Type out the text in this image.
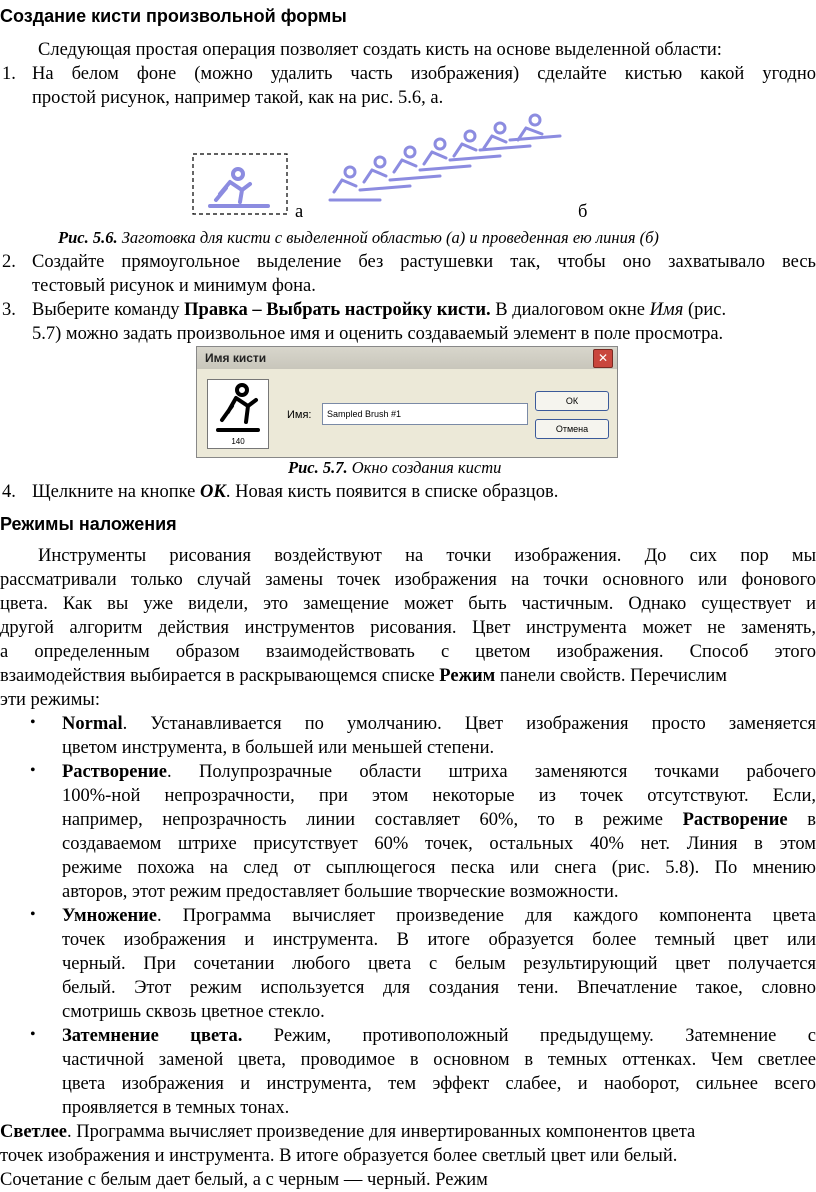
Создание кисти произвольной формы
Следующая простая операция позволяет создать кисть на основе выделенной области:
1. На белом фоне (можно удалить часть изображения) сделайте кистью какой угодно
простой рисунок, например такой, как на рис. 5.6, а.
а	б
Рис. 5.6. Заготовка для кисти с выделенной областью (а) и проведенная ею линия (б)
2. Создайте прямоугольное выделение без растушевки так, чтобы оно захватывало весь
тестовый рисунок и минимум фона.
3. Выберите команду Правка – Выбрать настройку кисти. В диалоговом окне Имя (рис.
5.7) можно задать произвольное имя и оценить создаваемый элемент в поле просмотра.
Имя кисти	✕
140
Имя:	Sampled Brush #1
ОК
Отмена
Рис. 5.7. Окно создания кисти
4. Щелкните на кнопке ОК. Новая кисть появится в списке образцов.
Режимы наложения
Инструменты рисования воздействуют на точки изображения. До сих пор мы
рассматривали только случай замены точек изображения на точки основного или фонового
цвета. Как вы уже видели, это замещение может быть частичным. Однако существует и
другой алгоритм действия инструментов рисования. Цвет инструмента может не заменять,
а определенным образом взаимодействовать с цветом изображения. Способ этого
взаимодействия выбирается в раскрывающемся списке Режим панели свойств. Перечислим
эти режимы:
• Normal. Устанавливается по умолчанию. Цвет изображения просто заменяется
цветом инструмента, в большей или меньшей степени.
• Растворение. Полупрозрачные области штриха заменяются точками рабочего
100%-ной непрозрачности, при этом некоторые из точек отсутствуют. Если,
например, непрозрачность линии составляет 60%, то в режиме Растворение в
создаваемом штрихе присутствует 60% точек, остальных 40% нет. Линия в этом
режиме похожа на след от сыплющегося песка или снега (рис. 5.8). По мнению
авторов, этот режим предоставляет большие творческие возможности.
• Умножение. Программа вычисляет произведение для каждого компонента цвета
точек изображения и инструмента. В итоге образуется более темный цвет или
черный. При сочетании любого цвета с белым результирующий цвет получается
белый. Этот режим используется для создания тени. Впечатление такое, словно
смотришь сквозь цветное стекло.
• Затемнение цвета. Режим, противоположный предыдущему. Затемнение с
частичной заменой цвета, проводимое в основном в темных оттенках. Чем светлее
цвета изображения и инструмента, тем эффект слабее, и наоборот, сильнее всего
проявляется в темных тонах.
Светлее. Программа вычисляет произведение для инвертированных компонентов цвета
точек изображения и инструмента. В итоге образуется более светлый цвет или белый.
Сочетание с белым дает белый, а с черным — черный. Режим
